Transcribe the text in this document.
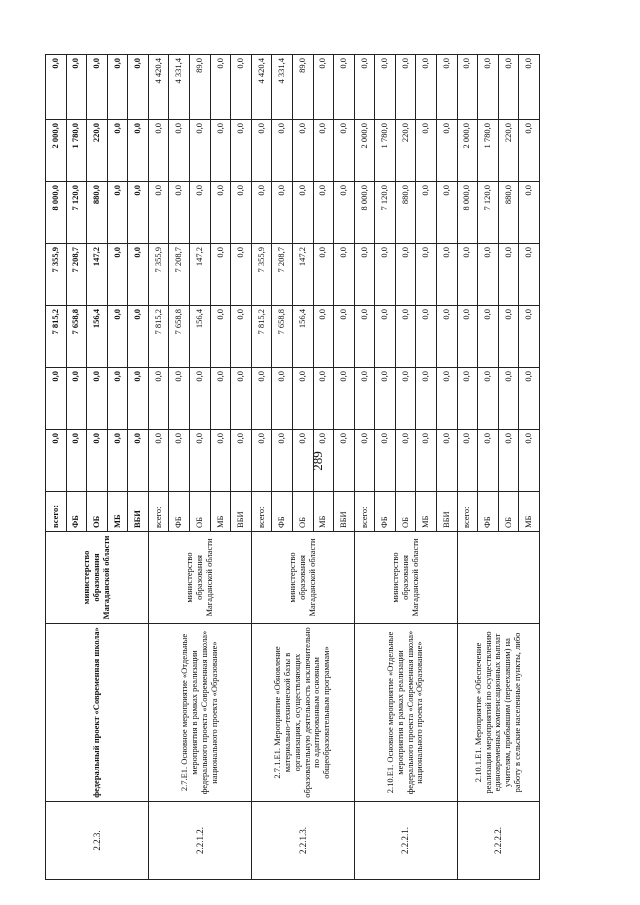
289
2.2.3.	федеральный проект «Современная школа»	министерство образования Магаданской области	всего:	0,0	0,0	7 815,2	7 355,9	8 000,0	2 000,0	0,0
			ФБ	0,0	0,0	7 658,8	7 208,7	7 120,0	1 780,0	0,0
			ОБ	0,0	0,0	156,4	147,2	880,0	220,0	0,0
			МБ	0,0	0,0	0,0	0,0	0,0	0,0	0,0
			ВБИ	0,0	0,0	0,0	0,0	0,0	0,0	0,0
2.2.1.2.	2.7.E1. Основное мероприятие «Отдельные мероприятия в рамках реализации федерального проекта «Современная школа» национального проекта «Образование»	министерство образования Магаданской области	всего:	0,0	0,0	7 815,2	7 355,9	0,0	0,0	4 420,4
			ФБ	0,0	0,0	7 658,8	7 208,7	0,0	0,0	4 331,4
			ОБ	0,0	0,0	156,4	147,2	0,0	0,0	89,0
			МБ	0,0	0,0	0,0	0,0	0,0	0,0	0,0
			ВБИ	0,0	0,0	0,0	0,0	0,0	0,0	0,0
2.2.1.3.	2.7.1.E1. Мероприятие «Обновление материально-технической базы в организациях, осуществляющих образовательную деятельность исключительно по адаптированным основным общеобразовательным программам»	министерство образования Магаданской области	всего:	0,0	0,0	7 815,2	7 355,9	0,0	0,0	4 420,4
			ФБ	0,0	0,0	7 658,8	7 208,7	0,0	0,0	4 331,4
			ОБ	0,0	0,0	156,4	147,2	0,0	0,0	89,0
			МБ	0,0	0,0	0,0	0,0	0,0	0,0	0,0
			ВБИ	0,0	0,0	0,0	0,0	0,0	0,0	0,0
2.2.2.1.	2.10.E1. Основное мероприятие «Отдельные мероприятия в рамках реализации федерального проекта «Современная школа» национального проекта «Образование»	министерство образования Магаданской области	всего:	0,0	0,0	0,0	0,0	8 000,0	2 000,0	0,0
			ФБ	0,0	0,0	0,0	0,0	7 120,0	1 780,0	0,0
			ОБ	0,0	0,0	0,0	0,0	880,0	220,0	0,0
			МБ	0,0	0,0	0,0	0,0	0,0	0,0	0,0
			ВБИ	0,0	0,0	0,0	0,0	0,0	0,0	0,0
2.2.2.2.	2.10.1.E1. Мероприятие «Обеспечение реализации мероприятий по осуществлению единовременных компенсационных выплат учителям, прибывшим (переехавшим) на работу в сельские населенные пункты, либо		всего:	0,0	0,0	0,0	0,0	8 000,0	2 000,0	0,0
			ФБ	0,0	0,0	0,0	0,0	7 120,0	1 780,0	0,0
			ОБ	0,0	0,0	0,0	0,0	880,0	220,0	0,0
			МБ	0,0	0,0	0,0	0,0	0,0	0,0	0,0
